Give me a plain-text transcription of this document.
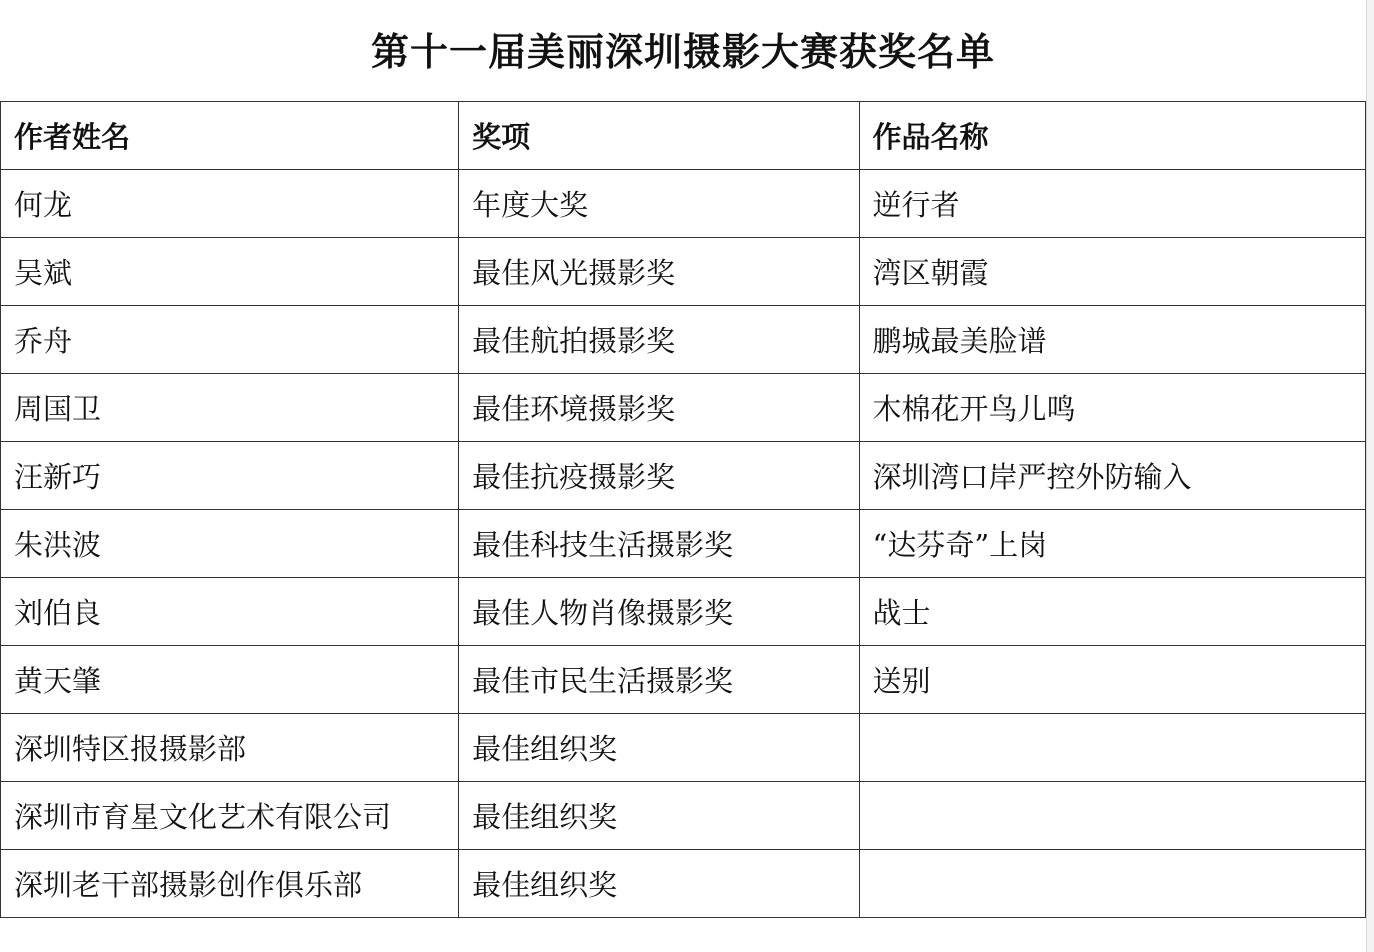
第十一届美丽深圳摄影大赛获奖名单
作者姓名	奖项	作品名称
何龙	年度大奖	逆行者
吴斌	最佳风光摄影奖	湾区朝霞
乔舟	最佳航拍摄影奖	鹏城最美脸谱
周国卫	最佳环境摄影奖	木棉花开鸟儿鸣
汪新巧	最佳抗疫摄影奖	深圳湾口岸严控外防输入
朱洪波	最佳科技生活摄影奖	“达芬奇”上岗
刘伯良	最佳人物肖像摄影奖	战士
黄天肇	最佳市民生活摄影奖	送别
深圳特区报摄影部	最佳组织奖	
深圳市育星文化艺术有限公司	最佳组织奖	
深圳老干部摄影创作俱乐部	最佳组织奖	
